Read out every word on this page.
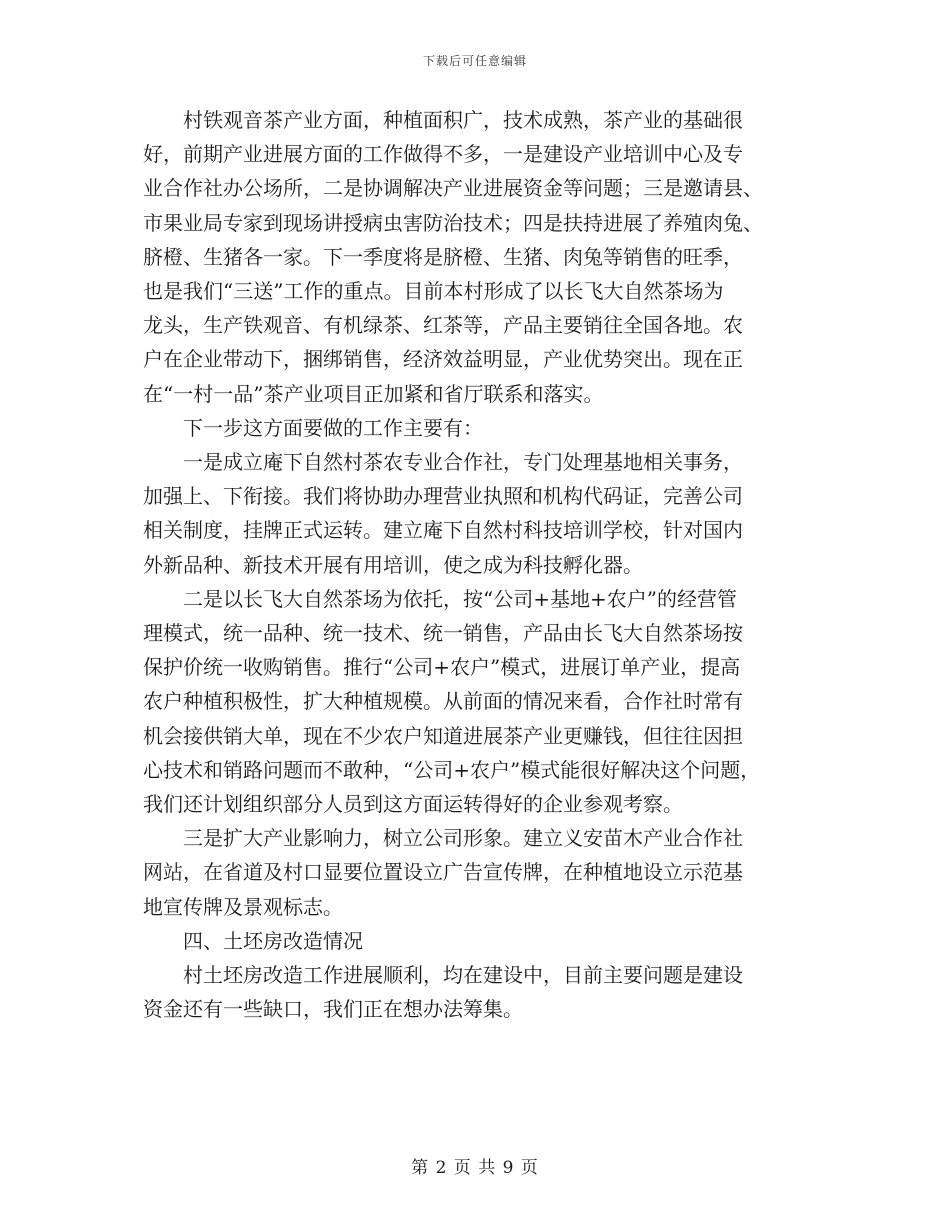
下载后可任意编辑

　　村铁观音茶产业方面，种植面积广，技术成熟，茶产业的基础很
好，前期产业进展方面的工作做得不多，一是建设产业培训中心及专
业合作社办公场所，二是协调解决产业进展资金等问题；三是邀请县、
市果业局专家到现场讲授病虫害防治技术；四是扶持进展了养殖肉兔、
脐橙、生猪各一家。下一季度将是脐橙、生猪、肉兔等销售的旺季，
也是我们“三送”工作的重点。目前本村形成了以长飞大自然茶场为
龙头，生产铁观音、有机绿茶、红茶等，产品主要销往全国各地。农
户在企业带动下，捆绑销售，经济效益明显，产业优势突出。现在正
在“一村一品”茶产业项目正加紧和省厅联系和落实。

　　下一步这方面要做的工作主要有：

　　一是成立庵下自然村茶农专业合作社，专门处理基地相关事务，
加强上、下衔接。我们将协助办理营业执照和机构代码证，完善公司
相关制度，挂牌正式运转。建立庵下自然村科技培训学校，针对国内
外新品种、新技术开展有用培训，使之成为科技孵化器。

　　二是以长飞大自然茶场为依托，按“公司+基地+农户”的经营管
理模式，统一品种、统一技术、统一销售，产品由长飞大自然茶场按
保护价统一收购销售。推行“公司+农户”模式，进展订单产业，提高
农户种植积极性，扩大种植规模。从前面的情况来看，合作社时常有
机会接供销大单，现在不少农户知道进展茶产业更赚钱，但往往因担
心技术和销路问题而不敢种，“公司+农户”模式能很好解决这个问题，
我们还计划组织部分人员到这方面运转得好的企业参观考察。

　　三是扩大产业影响力，树立公司形象。建立义安苗木产业合作社
网站，在省道及村口显要位置设立广告宣传牌，在种植地设立示范基
地宣传牌及景观标志。

　　四、土坯房改造情况

　　村土坯房改造工作进展顺利，均在建设中，目前主要问题是建设
资金还有一些缺口，我们正在想办法筹集。

第 2 页 共 9 页
